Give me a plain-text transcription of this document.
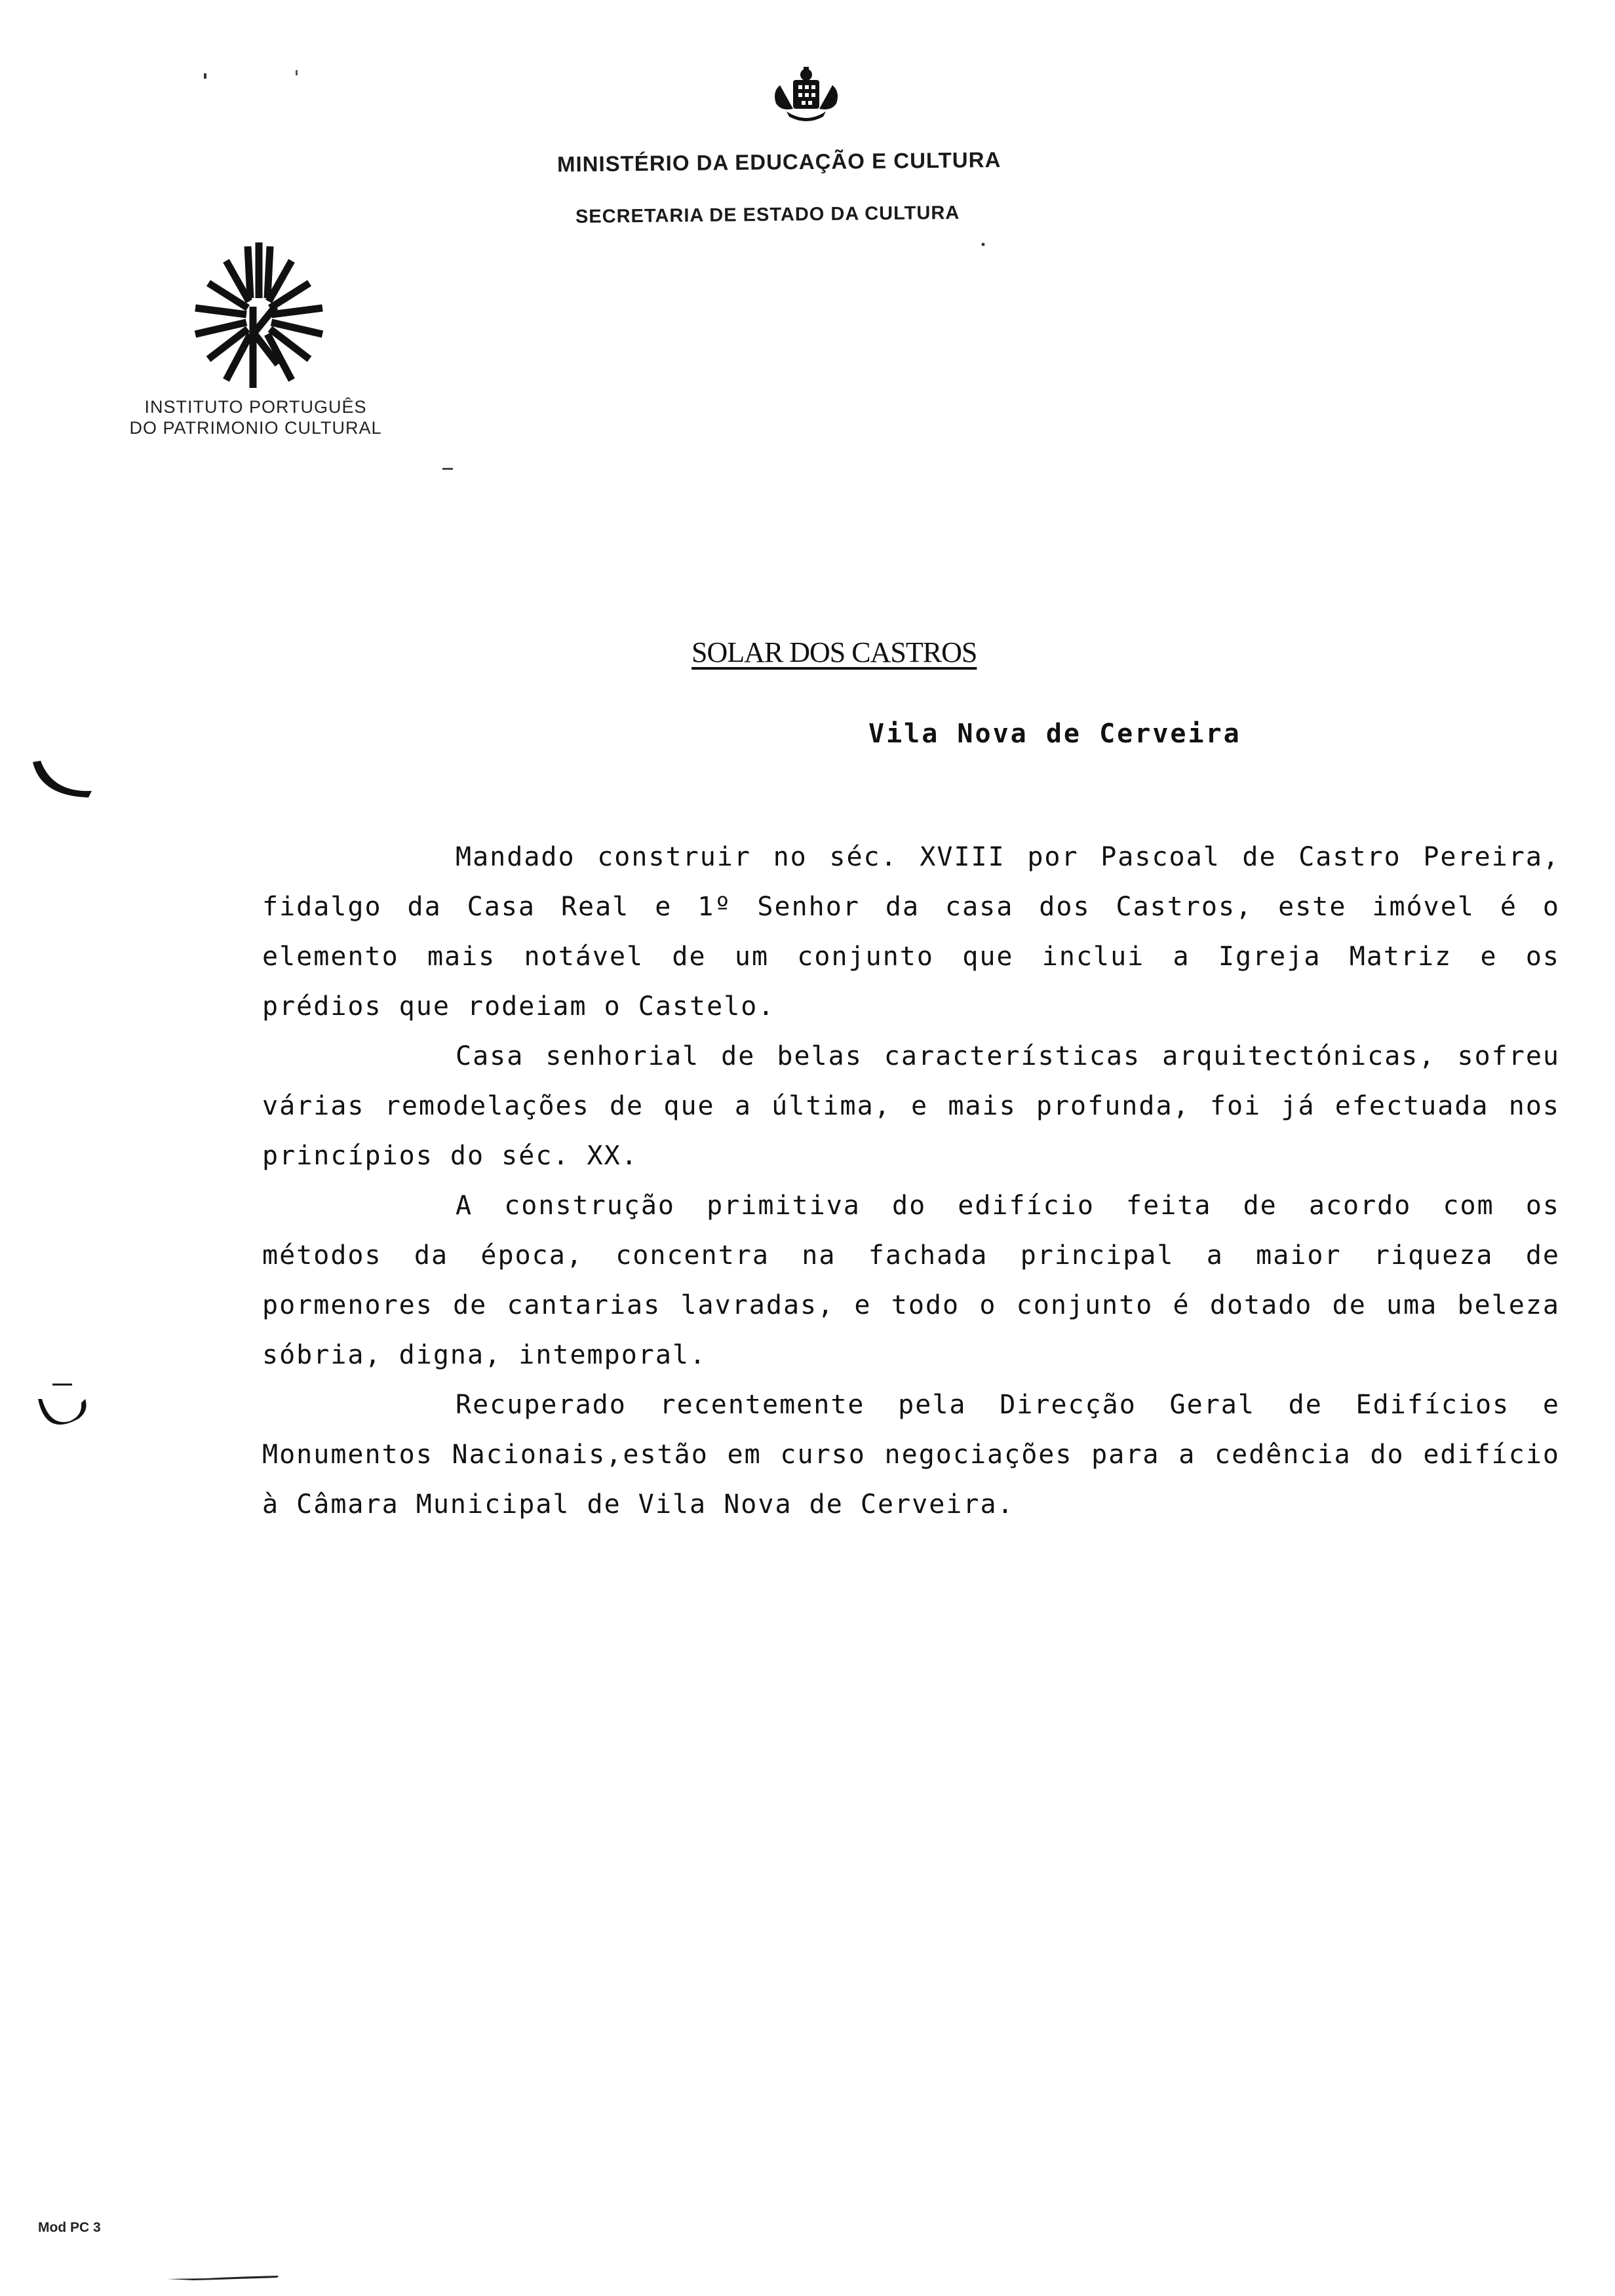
MINISTÉRIO DA EDUCAÇÃO E CULTURA
SECRETARIA DE ESTADO DA CULTURA
INSTITUTO PORTUGUÊS
DO PATRIMONIO CULTURAL
SOLAR DOS CASTROS
Vila Nova de Cerveira

Mandado construir no séc. XVIII por Pascoal de Castro Pereira, fidalgo da Casa Real e 1º Senhor da casa dos Castros, este imóvel é o elemento mais notável de um conjunto que inclui a Igreja Matriz e os prédios que rodeiam o Castelo.

Casa senhorial de belas características arquitectónicas, sofreu várias remodelações de que a última, e mais profunda, foi já efectuada nos princípios do séc. XX.

A construção primitiva do edifício feita de acordo com os métodos da época, concentra na fachada principal a maior riqueza de pormenores de cantarias lavradas, e todo o conjunto é dotado de uma beleza sóbria, digna, intemporal.

Recuperado recentemente pela Direcção Geral de Edifícios e Monumentos Nacionais,estão em curso negociações para a cedência do edifício à Câmara Municipal de Vila Nova de Cerveira.

Mod PC 3
